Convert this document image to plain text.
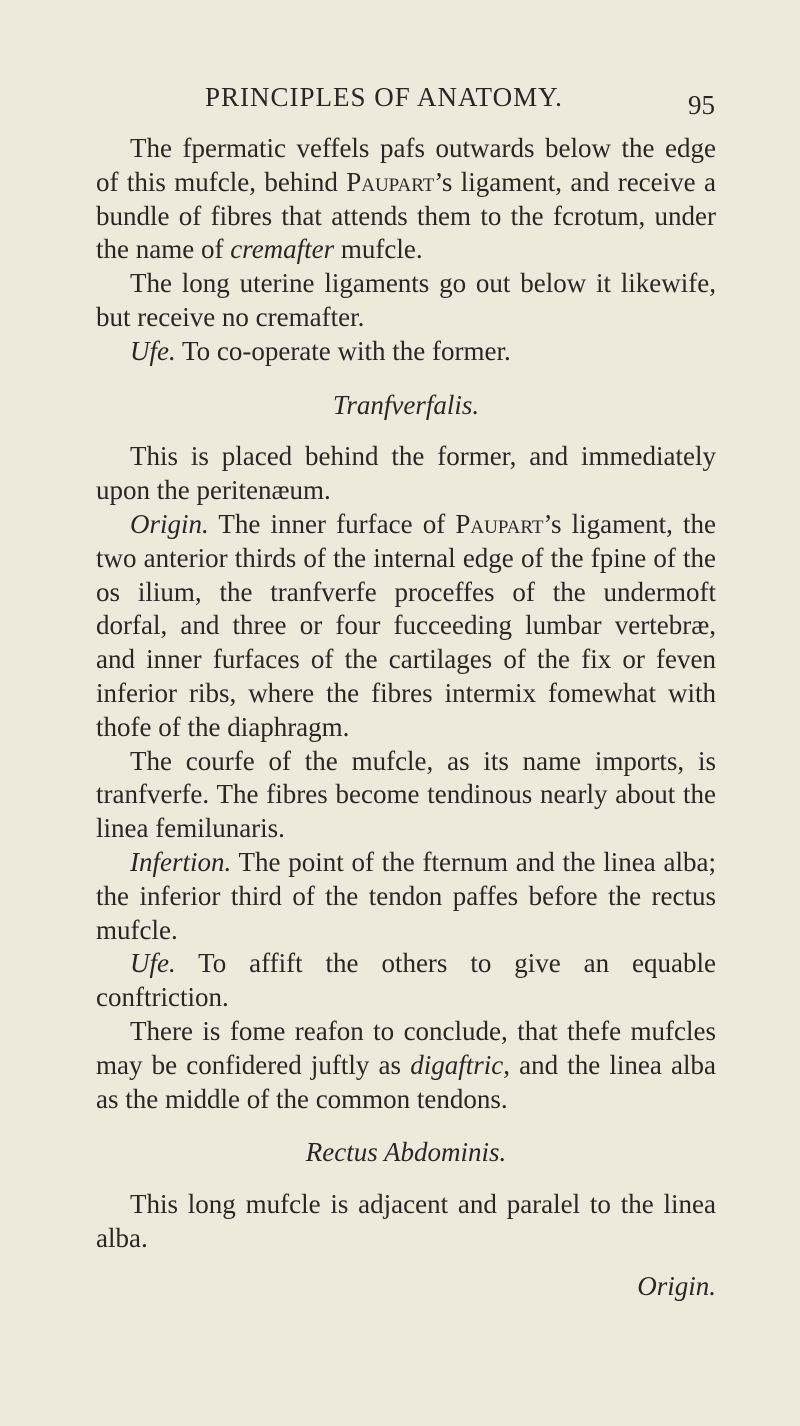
PRINCIPLES OF ANATOMY.	95

The fpermatic veffels pafs outwards below the edge of this mufcle, behind Paupart’s ligament, and receive a bundle of fibres that attends them to the fcrotum, under the name of cremafter mufcle.

The long uterine ligaments go out below it likewife, but receive no cremafter.

Ufe. To co-operate with the former.

Tranfverfalis.

This is placed behind the former, and immediately upon the peritenæum.

Origin. The inner furface of Paupart’s ligament, the two anterior thirds of the internal edge of the fpine of the os ilium, the tranfverfe proceffes of the undermoft dorfal, and three or four fucceeding lumbar vertebræ, and inner furfaces of the cartilages of the fix or feven inferior ribs, where the fibres intermix fomewhat with thofe of the diaphragm.

The courfe of the mufcle, as its name imports, is tranfverfe. The fibres become tendinous nearly about the linea femilunaris.

Infertion. The point of the fternum and the linea alba; the inferior third of the tendon paffes before the rectus mufcle.

Ufe. To affift the others to give an equable conftriction.

There is fome reafon to conclude, that thefe mufcles may be confidered juftly as digaftric, and the linea alba as the middle of the common tendons.

Rectus Abdominis.

This long mufcle is adjacent and paralel to the linea alba.

Origin.
